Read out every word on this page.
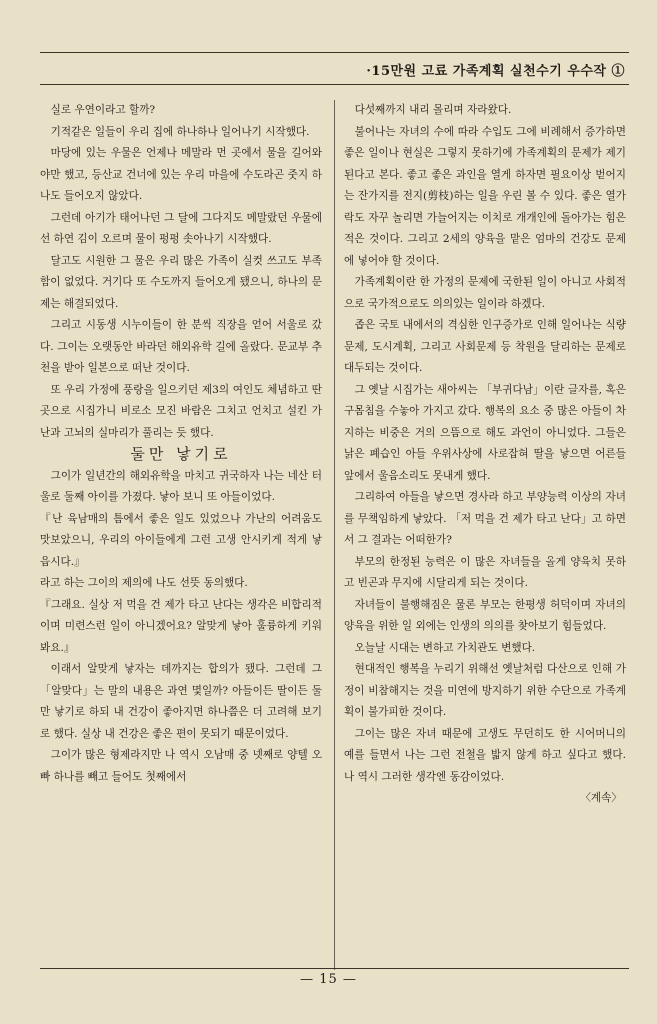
·15만원 고료 가족계획 실천수기 우수작 ①

실로 우연이라고 할까?

기적같은 일들이 우리 집에 하나하나 일어나기 시작했다.

마당에 있는 우물은 언제나 메말라 먼 곳에서 물을 길어와야만 했고, 등산교 건너에 있는 우리 마을에 수도라곤 줏지 하나도 들어오지 않았다.

그런데 아기가 태어나던 그 달에 그다지도 메말랐던 우물에선 하연 김이 오르며 물이 펑펑 솟아나기 시작했다.

달고도 시원한 그 물은 우리 많은 가족이 실컷 쓰고도 부족함이 없었다. 거기다 또 수도까지 들어오게 됐으니, 하나의 문제는 해결되었다.

그리고 시동생 시누이들이 한 분씩 직장을 얻어 서울로 갔다. 그이는 오랫동안 바라던 해외유학 길에 올랐다. 문교부 추천을 받아 일본으로 떠난 것이다.

또 우리 가정에 풍랑을 일으키던 제3의 여인도 체념하고 딴 곳으로 시집가니 비로소 모진 바람은 그치고 언치고 설킨 가난과 고뇌의 실마리가 풀리는 듯 했다.

둘만 낳기로

그이가 일년간의 해외유학을 마치고 귀국하자 나는 네산 터울로 둘째 아이를 가졌다. 낳아 보니 또 아들이었다.

『난 육남매의 틈에서 좋은 일도 있었으나 가난의 어려움도 맛보았으니, 우리의 아이들에게 그런 고생 안시키게 적게 낳읍시다.』

라고 하는 그이의 제의에 나도 선뜻 동의했다.

『그래요. 실상 저 먹을 건 제가 타고 난다는 생각은 비합리적이며 미련스런 일이 아니겠어요? 알맞게 낳아 훌륭하게 키워 봐요.』

이래서 알맞게 낳자는 데까지는 합의가 됐다. 그런데 그 「알맞다」는 말의 내용은 과연 몇일까? 아들이든 딸이든 둘만 낳기로 하되 내 건강이 좋아지면 하나쯤은 더 고려해 보기로 했다. 실상 내 건강은 좋은 편이 못되기 때문이었다.

그이가 많은 형제라지만 나 역시 오남매 중 넷째로 양텔 오빠 하나를 빼고 들어도 첫째에서

다섯째까지 내리 몰리며 자라왔다.

불어나는 자녀의 수에 따라 수입도 그에 비례해서 증가하면 좋은 일이나 현실은 그렇지 못하기에 가족계획의 문제가 제기된다고 본다. 좋고 좋은 과인을 열게 하자면 필요이상 벋어지는 잔가지를 전지(剪枝)하는 일을 우린 볼 수 있다. 좋은 열가락도 자꾸 놀리면 가늘어지는 이치로 개개인에 돌아가는 힘은 적은 것이다. 그리고 2세의 양육을 맡은 엄마의 건강도 문제에 넣어야 할 것이다.

가족계획이란 한 가정의 문제에 국한된 일이 아니고 사회적으로 국가적으로도 의의있는 일이라 하겠다.

좁은 국토 내에서의 격심한 인구증가로 인해 일어나는 식량문제, 도시계획, 그리고 사회문제 등 착원을 달리하는 문제로 대두되는 것이다.

그 옛날 시집가는 새아씨는 「부귀다남」이란 글자를, 혹은 구몸침을 수놓아 가지고 갔다. 행복의 요소 중 많은 아들이 차지하는 비중은 거의 으뜸으로 해도 과언이 아니었다. 그들은 낡은 폐습인 아들 우위사상에 사로잡혀 딸을 낳으면 어른들 앞에서 울음소리도 못내게 했다.

그리하여 아들을 낳으면 경사라 하고 부양능력 이상의 자녀를 무책임하게 낳았다. 「저 먹을 건 제가 타고 난다」고 하면서 그 결과는 어떠한가?

부모의 한정된 능력은 이 많은 자녀들을 올게 양육치 못하고 빈곤과 무지에 시달리게 되는 것이다.

자녀들이 불행해짐은 물론 부모는 한평생 허덕이며 자녀의 양육을 위한 일 외에는 인생의 의의를 찾아보기 힘들었다.

오늘날 시대는 변하고 가치관도 변했다.

현대적인 행복을 누리기 위해선 옛날처럼 다산으로 인해 가정이 비참해지는 것을 미연에 방지하기 위한 수단으로 가족계획이 불가피한 것이다.

그이는 많은 자녀 때문에 고생도 무던히도 한 시어머니의 예를 들면서 나는 그런 전철을 밟지 않게 하고 싶다고 했다. 나 역시 그러한 생각엔 동감이었다.

〈계속〉

— 15 —
